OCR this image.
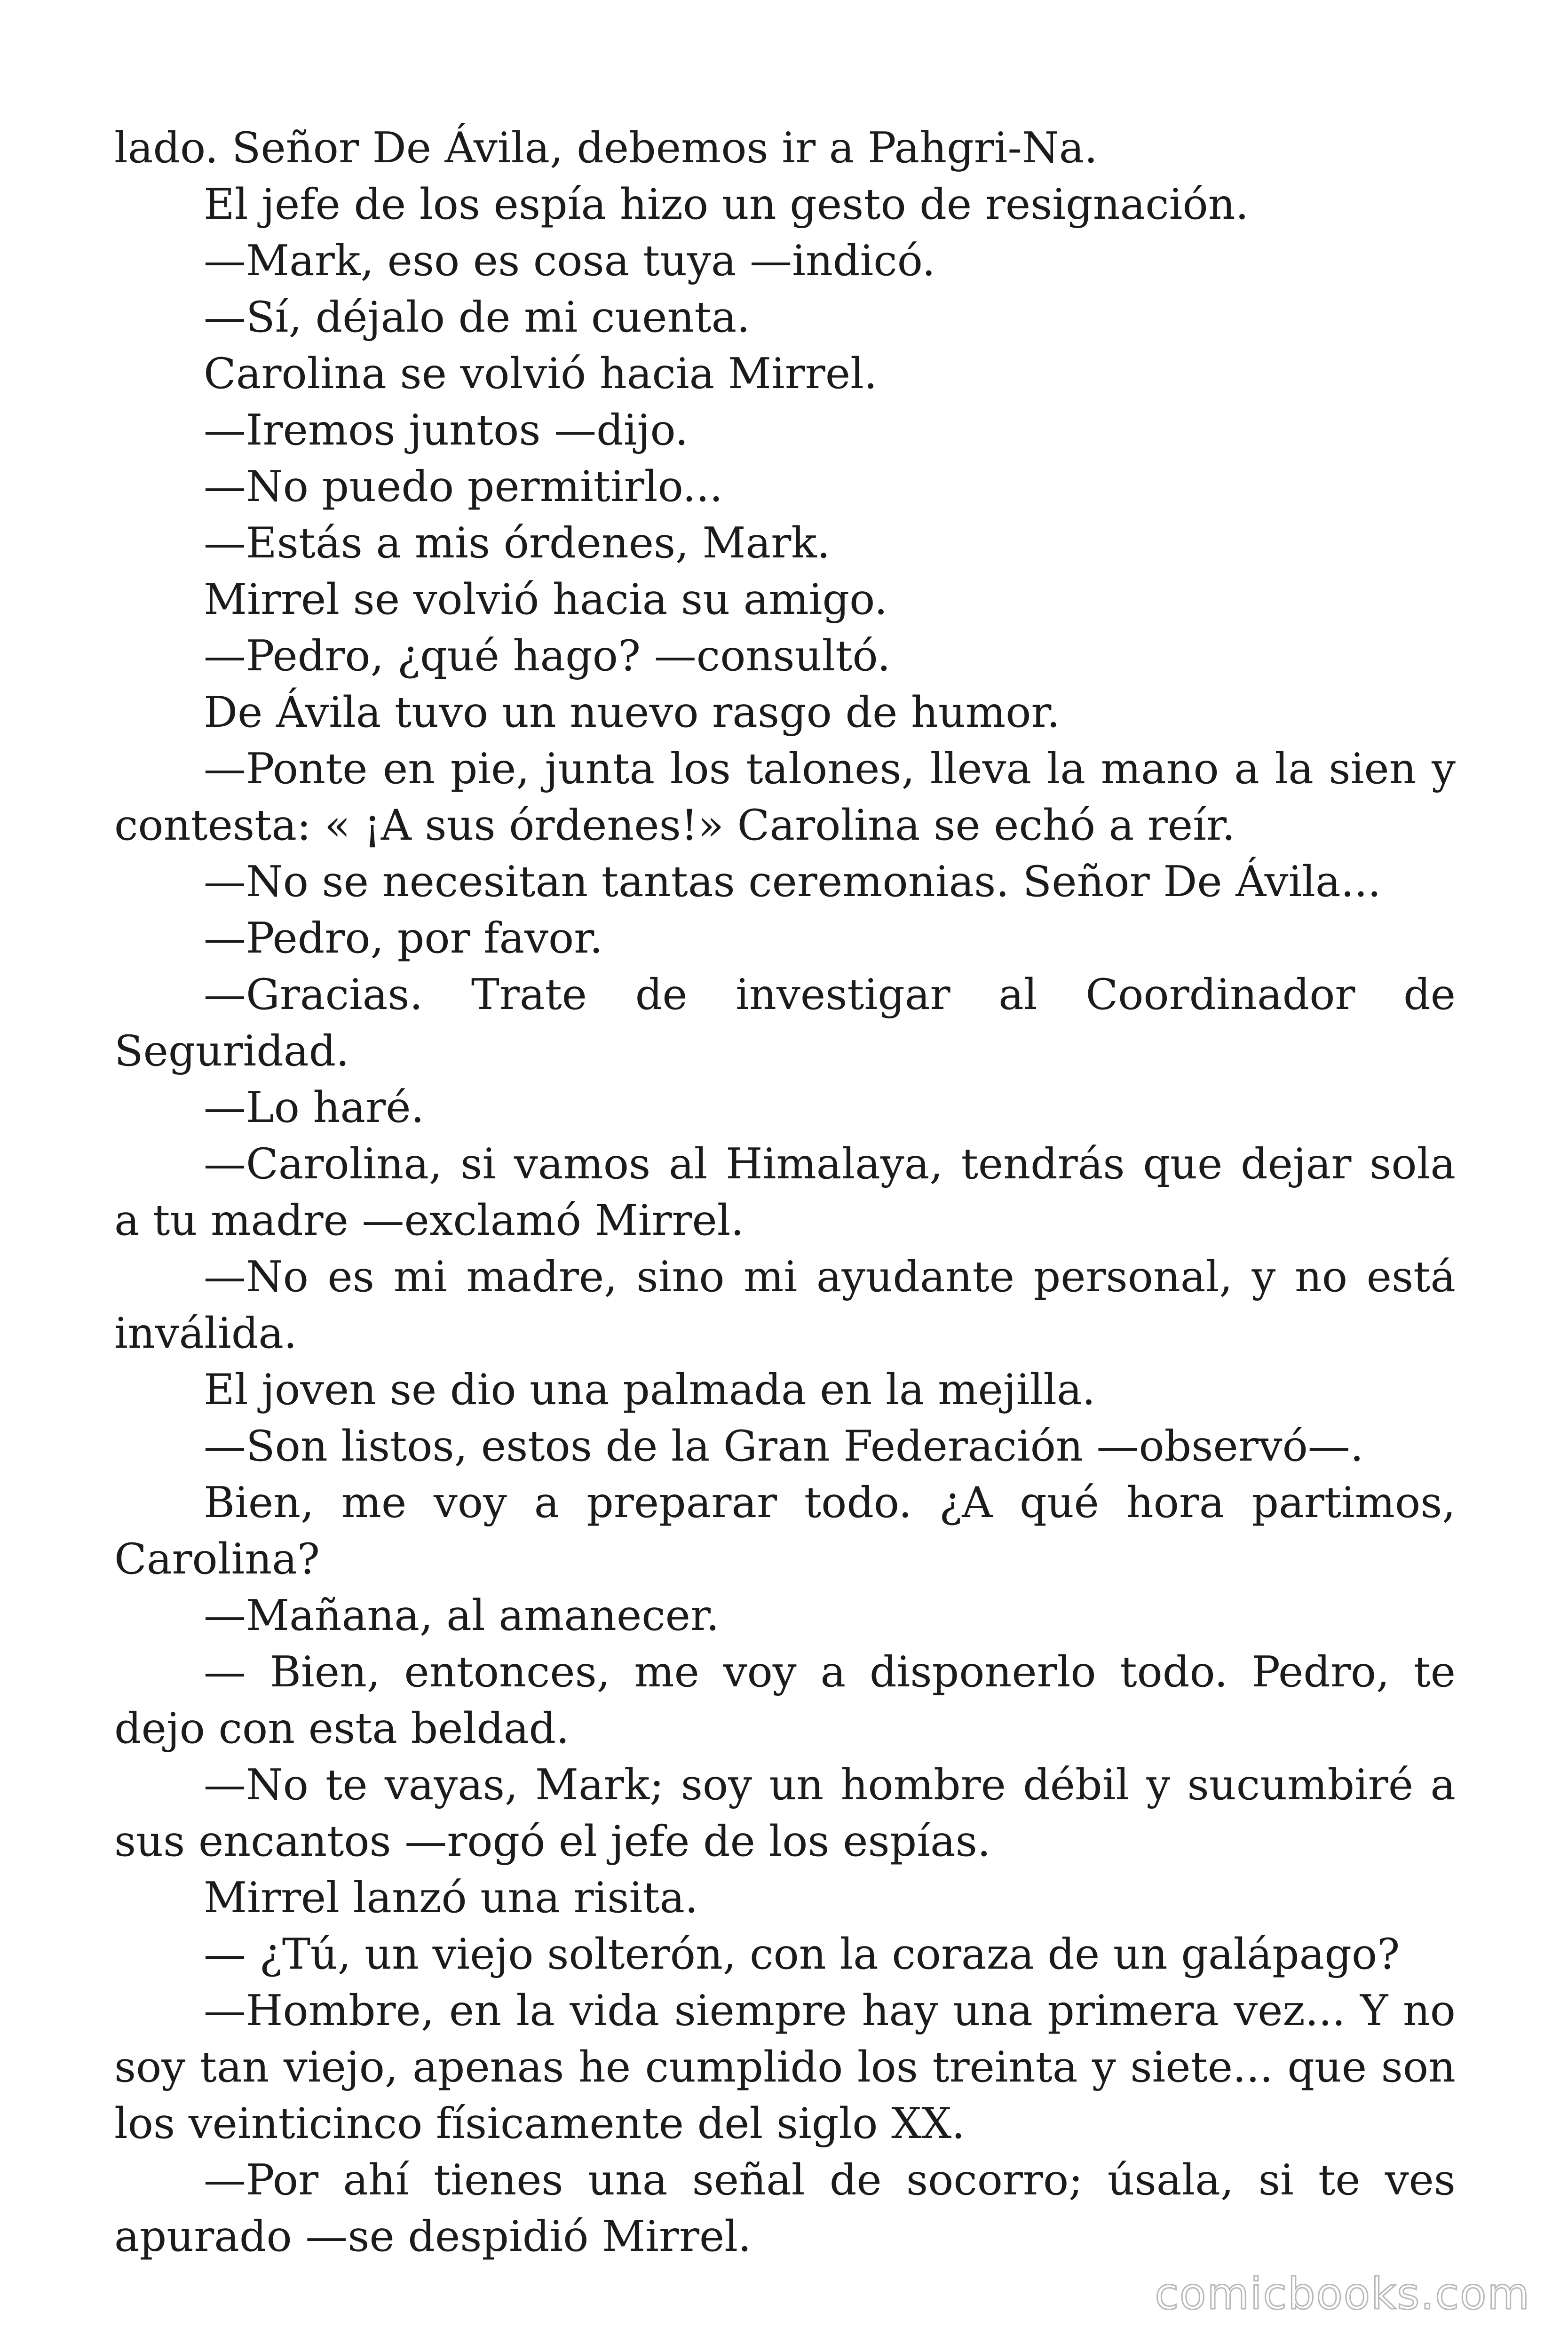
lado. Señor De Ávila, debemos ir a Pahgri-Na.

El jefe de los espía hizo un gesto de resignación.

—Mark, eso es cosa tuya —indicó.

—Sí, déjalo de mi cuenta.

Carolina se volvió hacia Mirrel.

—Iremos juntos —dijo.

—No puedo permitirlo...

—Estás a mis órdenes, Mark.

Mirrel se volvió hacia su amigo.

—Pedro, ¿qué hago? —consultó.

De Ávila tuvo un nuevo rasgo de humor.

—Ponte en pie, junta los talones, lleva la mano a la sien y contesta: « ¡A sus órdenes!» Carolina se echó a reír.

—No se necesitan tantas ceremonias. Señor De Ávila...

—Pedro, por favor.

—Gracias. Trate de investigar al Coordinador de Seguridad.

—Lo haré.

—Carolina, si vamos al Himalaya, tendrás que dejar sola a tu madre —exclamó Mirrel.

—No es mi madre, sino mi ayudante personal, y no está inválida.

El joven se dio una palmada en la mejilla.

—Son listos, estos de la Gran Federación —observó—.

Bien, me voy a preparar todo. ¿A qué hora partimos, Carolina?

—Mañana, al amanecer.

— Bien, entonces, me voy a disponerlo todo. Pedro, te dejo con esta beldad.

—No te vayas, Mark; soy un hombre débil y sucumbiré a sus encantos —rogó el jefe de los espías.

Mirrel lanzó una risita.

— ¿Tú, un viejo solterón, con la coraza de un galápago?

—Hombre, en la vida siempre hay una primera vez... Y no soy tan viejo, apenas he cumplido los treinta y siete... que son los veinticinco físicamente del siglo XX.

—Por ahí tienes una señal de socorro; úsala, si te ves apurado —se despidió Mirrel.

comicbooks.com
